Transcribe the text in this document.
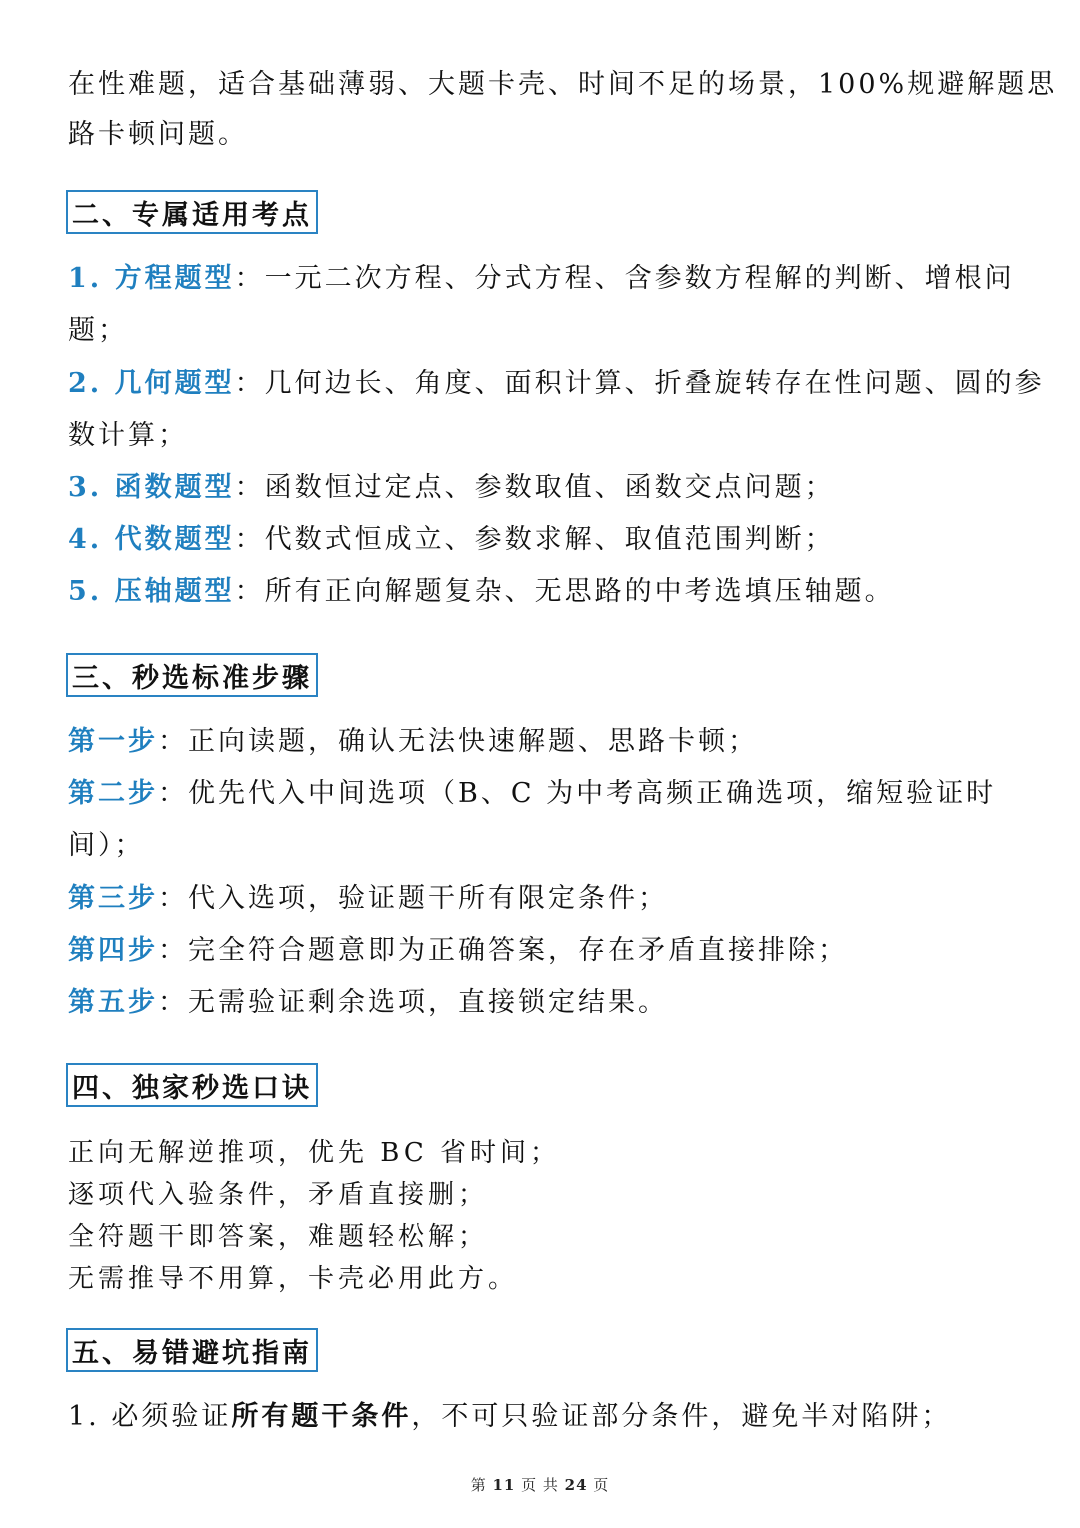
在性难题，适合基础薄弱、大题卡壳、时间不足的场景，100%规避解题思
路卡顿问题。
二、专属适用考点
1. 方程题型：一元二次方程、分式方程、含参数方程解的判断、增根问
题；
2. 几何题型：几何边长、角度、面积计算、折叠旋转存在性问题、圆的参
数计算；
3. 函数题型：函数恒过定点、参数取值、函数交点问题；
4. 代数题型：代数式恒成立、参数求解、取值范围判断；
5. 压轴题型：所有正向解题复杂、无思路的中考选填压轴题。
三、秒选标准步骤
第一步：正向读题，确认无法快速解题、思路卡顿；
第二步：优先代入中间选项（B、C 为中考高频正确选项，缩短验证时
间）；
第三步：代入选项，验证题干所有限定条件；
第四步：完全符合题意即为正确答案，存在矛盾直接排除；
第五步：无需验证剩余选项，直接锁定结果。
四、独家秒选口诀
正向无解逆推项，优先 BC 省时间；
逐项代入验条件，矛盾直接删；
全符题干即答案，难题轻松解；
无需推导不用算，卡壳必用此方。
五、易错避坑指南
1. 必须验证所有题干条件，不可只验证部分条件，避免半对陷阱；
第 11 页 共 24 页
